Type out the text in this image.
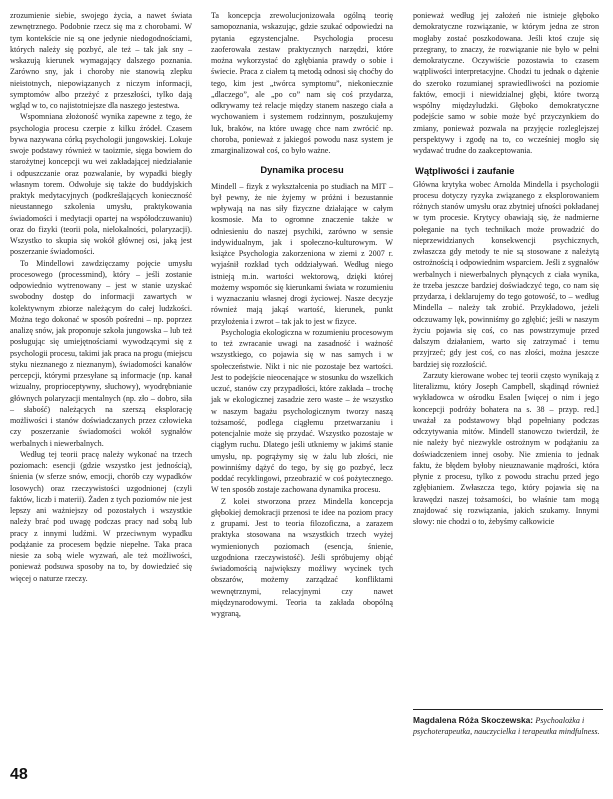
zrozumienie siebie, swojego życia, a nawet świata zewnętrznego. Podobnie rzecz się ma z chorobami. W tym kontekście nie są one jedynie niedogodnościami, których należy się pozbyć, ale też – tak jak sny – wskazują kierunek wymagający dalszego poznania. Zarówno sny, jak i choroby nie stanowią zlepku nieistotnych, niepowiązanych z niczym informacji, symptomów albo przeżyć z przeszłości, tylko dają wgląd w to, co najistotniejsze dla naszego jestestwa.

Wspomniana złożoność wynika zapewne z tego, że psychologia procesu czerpie z kilku źródeł. Czasem bywa nazywana córką psychologii jungowskiej. Lokuje swoje podstawy również w taoizmie, sięga bowiem do starożytnej koncepcji wu wei zakładającej niedziałanie i odpuszczanie oraz pozwalanie, by wypadki biegły własnym torem. Odwołuje się także do buddyjskich praktyk medytacyjnych (podkreślających konieczność nieustannego szkolenia umysłu, praktykowania świadomości i medytacji opartej na współodczuwaniu) oraz do fizyki (teorii pola, nielokalności, polaryzacji). Wszystko to skupia się wokół głównej osi, jaką jest poszerzanie świadomości.

To Mindellowi zawdzięczamy pojęcie umysłu procesowego (processmind), który – jeśli zostanie odpowiednio wytrenowany – jest w stanie uzyskać swobodny dostęp do informacji zawartych w kolektywnym zbiorze należącym do całej ludzkości. Można tego dokonać w sposób pośredni – np. poprzez analizę snów, jak proponuje szkoła jungowska – lub też posługując się umiejętnościami wywodzącymi się z psychologii procesu, takimi jak praca na progu (miejscu styku nieznanego z nieznanym), świadomości kanałów percepcji, którymi przesyłane są informacje (np. kanał wizualny, proprioceptywny, słuchowy), wyodrębnianie głównych polaryzacji mentalnych (np. zło – dobro, siła – słabość) należących na szerszą eksplorację możliwości i stanów doświadczanych przez człowieka czy poszerzanie świadomości wokół sygnałów werbalnych i niewerbalnych.

Według tej teorii pracę należy wykonać na trzech poziomach: esencji (gdzie wszystko jest jednością), śnienia (w sferze snów, emocji, chorób czy wypadków losowych) oraz rzeczywistości uzgodnionej (czyli faktów, liczb i materii). Żaden z tych poziomów nie jest lepszy ani ważniejszy od pozostałych i wszystkie należy brać pod uwagę podczas pracy nad sobą lub pracy z innymi ludźmi. W przeciwnym wypadku podążanie za procesem będzie niepełne. Taka praca niesie za sobą wiele wyzwań, ale też możliwości, ponieważ podsuwa sposoby na to, by dowiedzieć się więcej o naturze rzeczy.

Ta koncepcja zrewolucjonizowała ogólną teorię samopoznania, wskazując, gdzie szukać odpowiedzi na pytania egzystencjalne. Psychologia procesu zaoferowała zestaw praktycznych narzędzi, które można wykorzystać do zgłębiania prawdy o sobie i świecie. Praca z ciałem tą metodą odnosi się choćby do tego, kim jest „twórca symptomu”, niekoniecznie „dlaczego”, ale „po co” nam się coś przydarza, odkrywamy też relacje między stanem naszego ciała a wychowaniem i systemem rodzinnym, poszukujemy luk, braków, na które uwagę chce nam zwrócić np. choroba, ponieważ z jakiegoś powodu nasz system je zmarginalizował coś, co było ważne.

Dynamika procesu

Mindell – fizyk z wykształcenia po studiach na MIT – był pewny, że nie żyjemy w próżni i bezustannie wpływają na nas siły fizyczne działające w całym kosmosie. Ma to ogromne znaczenie także w odniesieniu do naszej psychiki, zarówno w sensie indywidualnym, jak i społeczno-kulturowym. W książce Psychologia zakorzeniona w ziemi z 2007 r. wyjaśnił rozkład tych oddziaływań. Według niego istnieją m.in. wartości wektorową, dzięki której możemy wspomóc się kierunkami świata w rozumieniu i wyznaczaniu własnej drogi życiowej. Nasze decyzje również mają jakąś wartość, kierunek, punkt przyłożenia i zwrot – tak jak to jest w fizyce.

Psychologia ekologiczna w rozumieniu procesowym to też zwracanie uwagi na zasadność i ważność wszystkiego, co pojawia się w nas samych i w społeczeństwie. Nikt i nic nie pozostaje bez wartości. Jest to podejście nieocenające w stosunku do wszelkich uczuć, stanów czy przypadłości, które zakłada – trochę jak w ekologicznej zasadzie zero waste – że wszystko w naszym bagażu psychologicznym tworzy naszą tożsamość, podlega ciągłemu przetwarzaniu i potencjalnie może się przydać. Wszystko pozostaje w ciągłym ruchu. Dlatego jeśli utkniemy w jakimś stanie umysłu, np. pogrążymy się w żalu lub złości, nie powinniśmy dążyć do tego, by się go pozbyć, lecz poddać recyklingowi, przeobrazić w coś pożytecznego. W ten sposób zostaje zachowana dynamika procesu.

Z kolei stworzona przez Mindella koncepcja głębokiej demokracji przenosi te idee na poziom pracy z grupami. Jest to teoria filozoficzna, a zarazem praktyka stosowana na wszystkich trzech wyżej wymienionych poziomach (esencja, śnienie, uzgodniona rzeczywistość). Jeśli spróbujemy objąć świadomością największy możliwy wycinek tych obszarów, możemy zarządzać konfliktami wewnętrznymi, relacyjnymi czy nawet międzynarodowymi. Teoria ta zakłada obopólną wygraną,

ponieważ według jej założeń nie istnieje głęboko demokratyczne rozwiązanie, w którym jedna ze stron mogłaby zostać poszkodowana. Jeśli ktoś czuje się przegrany, to znaczy, że rozwiązanie nie było w pełni demokratyczne. Oczywiście pozostawia to czasem wątpliwości interpretacyjne. Chodzi tu jednak o dążenie do szeroko rozumianej sprawiedliwości na poziomie faktów, emocji i niewidzialnej głębi, które tworzą wspólny międzyludzki. Głęboko demokratyczne podejście samo w sobie może być przyczynkiem do zmiany, ponieważ pozwala na przyjęcie rozleglejszej perspektywy i zgodę na to, co wcześniej mogło się wydawać trudne do zaakceptowania.

Wątpliwości i zaufanie

Główna krytyka wobec Arnolda Mindella i psychologii procesu dotyczy ryzyka związanego z eksplorowaniem różnych stanów umysłu oraz zbytniej ufności pokładanej w tym procesie. Krytycy obawiają się, że nadmierne połeganie na tych technikach może prowadzić do nieprzewidzianych konsekwencji psychicznych, zwłaszcza gdy metody te nie są stosowane z należytą ostrożnością i odpowiednim wsparciem. Jeśli z sygnałów werbalnych i niewerbalnych płynących z ciała wynika, że trzeba jeszcze bardziej doświadczyć tego, co nam się przydarza, i deklarujemy do tego gotowość, to – według Mindella – należy tak zrobić. Przykładowo, jeżeli odczuwamy lęk, powinniśmy go zgłębić; jeśli w naszym życiu pojawia się coś, co nas powstrzymuje przed dalszym działaniem, warto się zatrzymać i temu przyjrzeć; gdy jest coś, co nas złości, można jeszcze bardziej się rozzłościć.

Zarzuty kierowane wobec tej teorii często wynikają z literalizmu, który Joseph Campbell, skądinąd również wykładowca w ośrodku Esalen [więcej o nim i jego koncepcji podróży bohatera na s. 38 – przyp. red.] uważał za podstawowy błąd popełniany podczas odczytywania mitów. Mindell stanowczo twierdził, że nie należy być niezwykle ostrożnym w podążaniu za doświadczeniem innej osoby. Nie zmienia to jednak faktu, że błędem byłoby nieuznawanie mądrości, która płynie z procesu, tylko z powodu strachu przed jego zgłębianiem. Zwłaszcza tego, który pojawia się na krawędzi naszej tożsamości, bo właśnie tam mogą znajdować się rozwiązania, jakich szukamy. Innymi słowy: nie chodzi o to, żebyśmy całkowicie

Magdalena Róża Skoczewska: Psychoalożka i psychoterapeutka, nauczycielka i terapeutka mindfulness.
48
